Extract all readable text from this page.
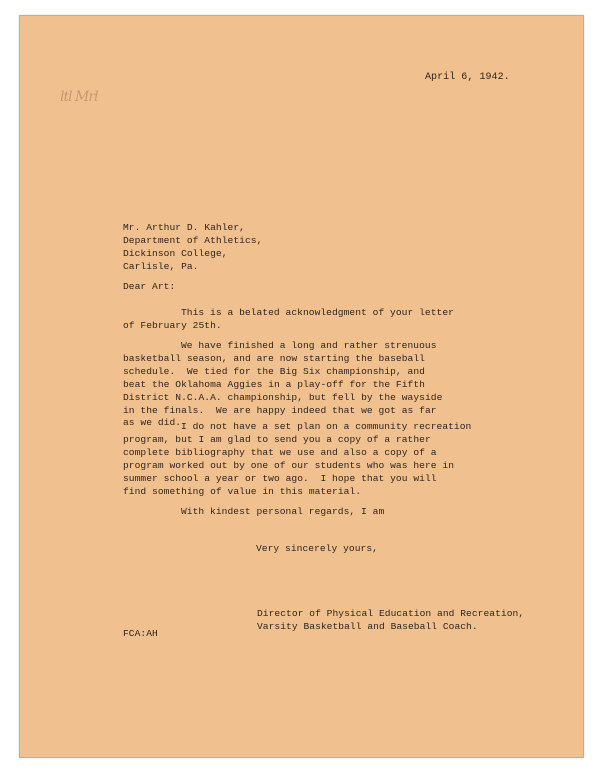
ltl Mrl
April 6, 1942.
Mr. Arthur D. Kahler,
Department of Athletics,
Dickinson College,
Carlisle, Pa.
Dear Art:
This is a belated acknowledgment of your letter
of February 25th.
We have finished a long and rather strenuous
basketball season, and are now starting the baseball
schedule.  We tied for the Big Six championship, and
beat the Oklahoma Aggies in a play-off for the Fifth
District N.C.A.A. championship, but fell by the wayside
in the finals.  We are happy indeed that we got as far
as we did. I do not have a set plan on a community recreation
program, but I am glad to send you a copy of a rather
complete bibliography that we use and also a copy of a
program worked out by one of our students who was here in
summer school a year or two ago.  I hope that you will
find something of value in this material.
With kindest personal regards, I am
Very sincerely yours,
Director of Physical Education and Recreation,
Varsity Basketball and Baseball Coach.
FCA:AH
